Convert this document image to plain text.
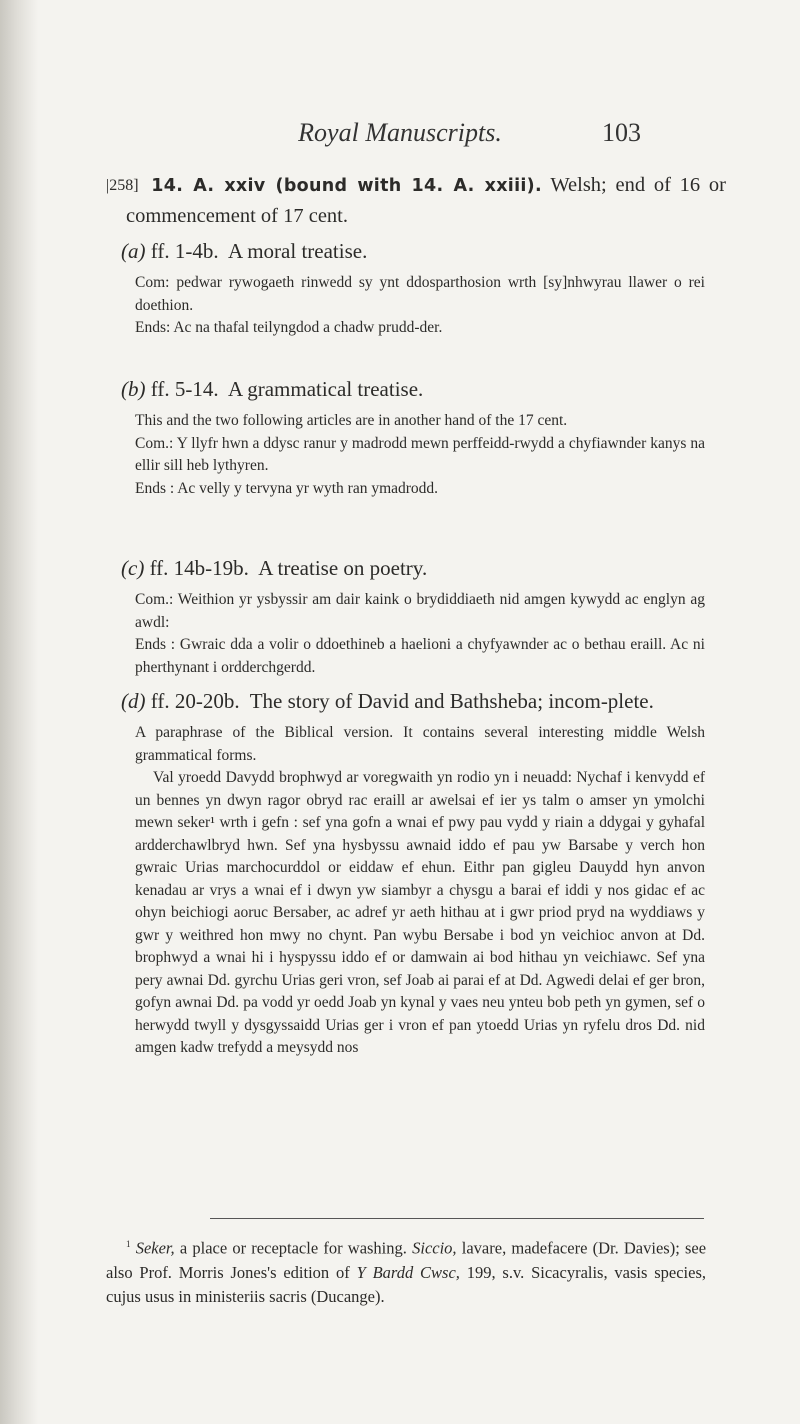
Royal Manuscripts.	103
|258] 14. A. xxiv (bound with 14. A. xxiii). Welsh; end of 16 or commencement of 17 cent.
(a) ff. 1-4b. A moral treatise.

Com: pedwar rywogaeth rinwedd sy ynt ddosparthosion wrth [sy]nhwyrau llawer o rei doethion.

Ends: Ac na thafal teilyngdod a chadw prudd-der.

(b) ff. 5-14. A grammatical treatise.

This and the two following articles are in another hand of the 17 cent.

Com.: Y llyfr hwn a ddysc ranur y madrodd mewn perffeidd-rwydd a chyfiawnder kanys na ellir sill heb lythyren.

Ends : Ac velly y tervyna yr wyth ran ymadrodd.

(c) ff. 14b-19b. A treatise on poetry.

Com.: Weithion yr ysbyssir am dair kaink o brydiddiaeth nid amgen kywydd ac englyn ag awdl:

Ends : Gwraic dda a volir o ddoethineb a haelioni a chyfyawnder ac o bethau eraill. Ac ni pherthynant i ordderchgerdd.

(d) ff. 20-20b. The story of David and Bathsheba; incom-plete.

A paraphrase of the Biblical version. It contains several interesting middle Welsh grammatical forms.

Val yroedd Davydd brophwyd ar voregwaith yn rodio yn i neuadd: Nychaf i kenvydd ef un bennes yn dwyn ragor obryd rac eraill ar awelsai ef ier ys talm o amser yn ymolchi mewn seker¹ wrth i gefn : sef yna gofn a wnai ef pwy pau vydd y riain a ddygai y gyhafal ardderchawlbryd hwn. Sef yna hysbyssu awnaid iddo ef pau yw Barsabe y verch hon gwraic Urias marchocurddol or eiddaw ef ehun. Eithr pan gigleu Dauydd hyn anvon kenadau ar vrys a wnai ef i dwyn yw siambyr a chysgu a barai ef iddi y nos gidac ef ac ohyn beichiogi aoruc Bersaber, ac adref yr aeth hithau at i gwr priod pryd na wyddiaws y gwr y weithred hon mwy no chynt. Pan wybu Bersabe i bod yn veichioc anvon at Dd. brophwyd a wnai hi i hyspyssu iddo ef or damwain ai bod hithau yn veichiawc. Sef yna pery awnai Dd. gyrchu Urias geri vron, sef Joab ai parai ef at Dd. Agwedi delai ef ger bron, gofyn awnai Dd. pa vodd yr oedd Joab yn kynal y vaes neu ynteu bob peth yn gymen, sef o herwydd twyll y dysgyssaidd Urias ger i vron ef pan ytoedd Urias yn ryfelu dros Dd. nid amgen kadw trefydd a meysydd nos

$^1$ Seker, a place or receptacle for washing. Siccio, lavare, madefacere (Dr. Davies); see also Prof. Morris Jones's edition of Y Bardd Cwsc, 199, s.v. Sicacyralis, vasis species, cujus usus in ministeriis sacris (Ducange).
